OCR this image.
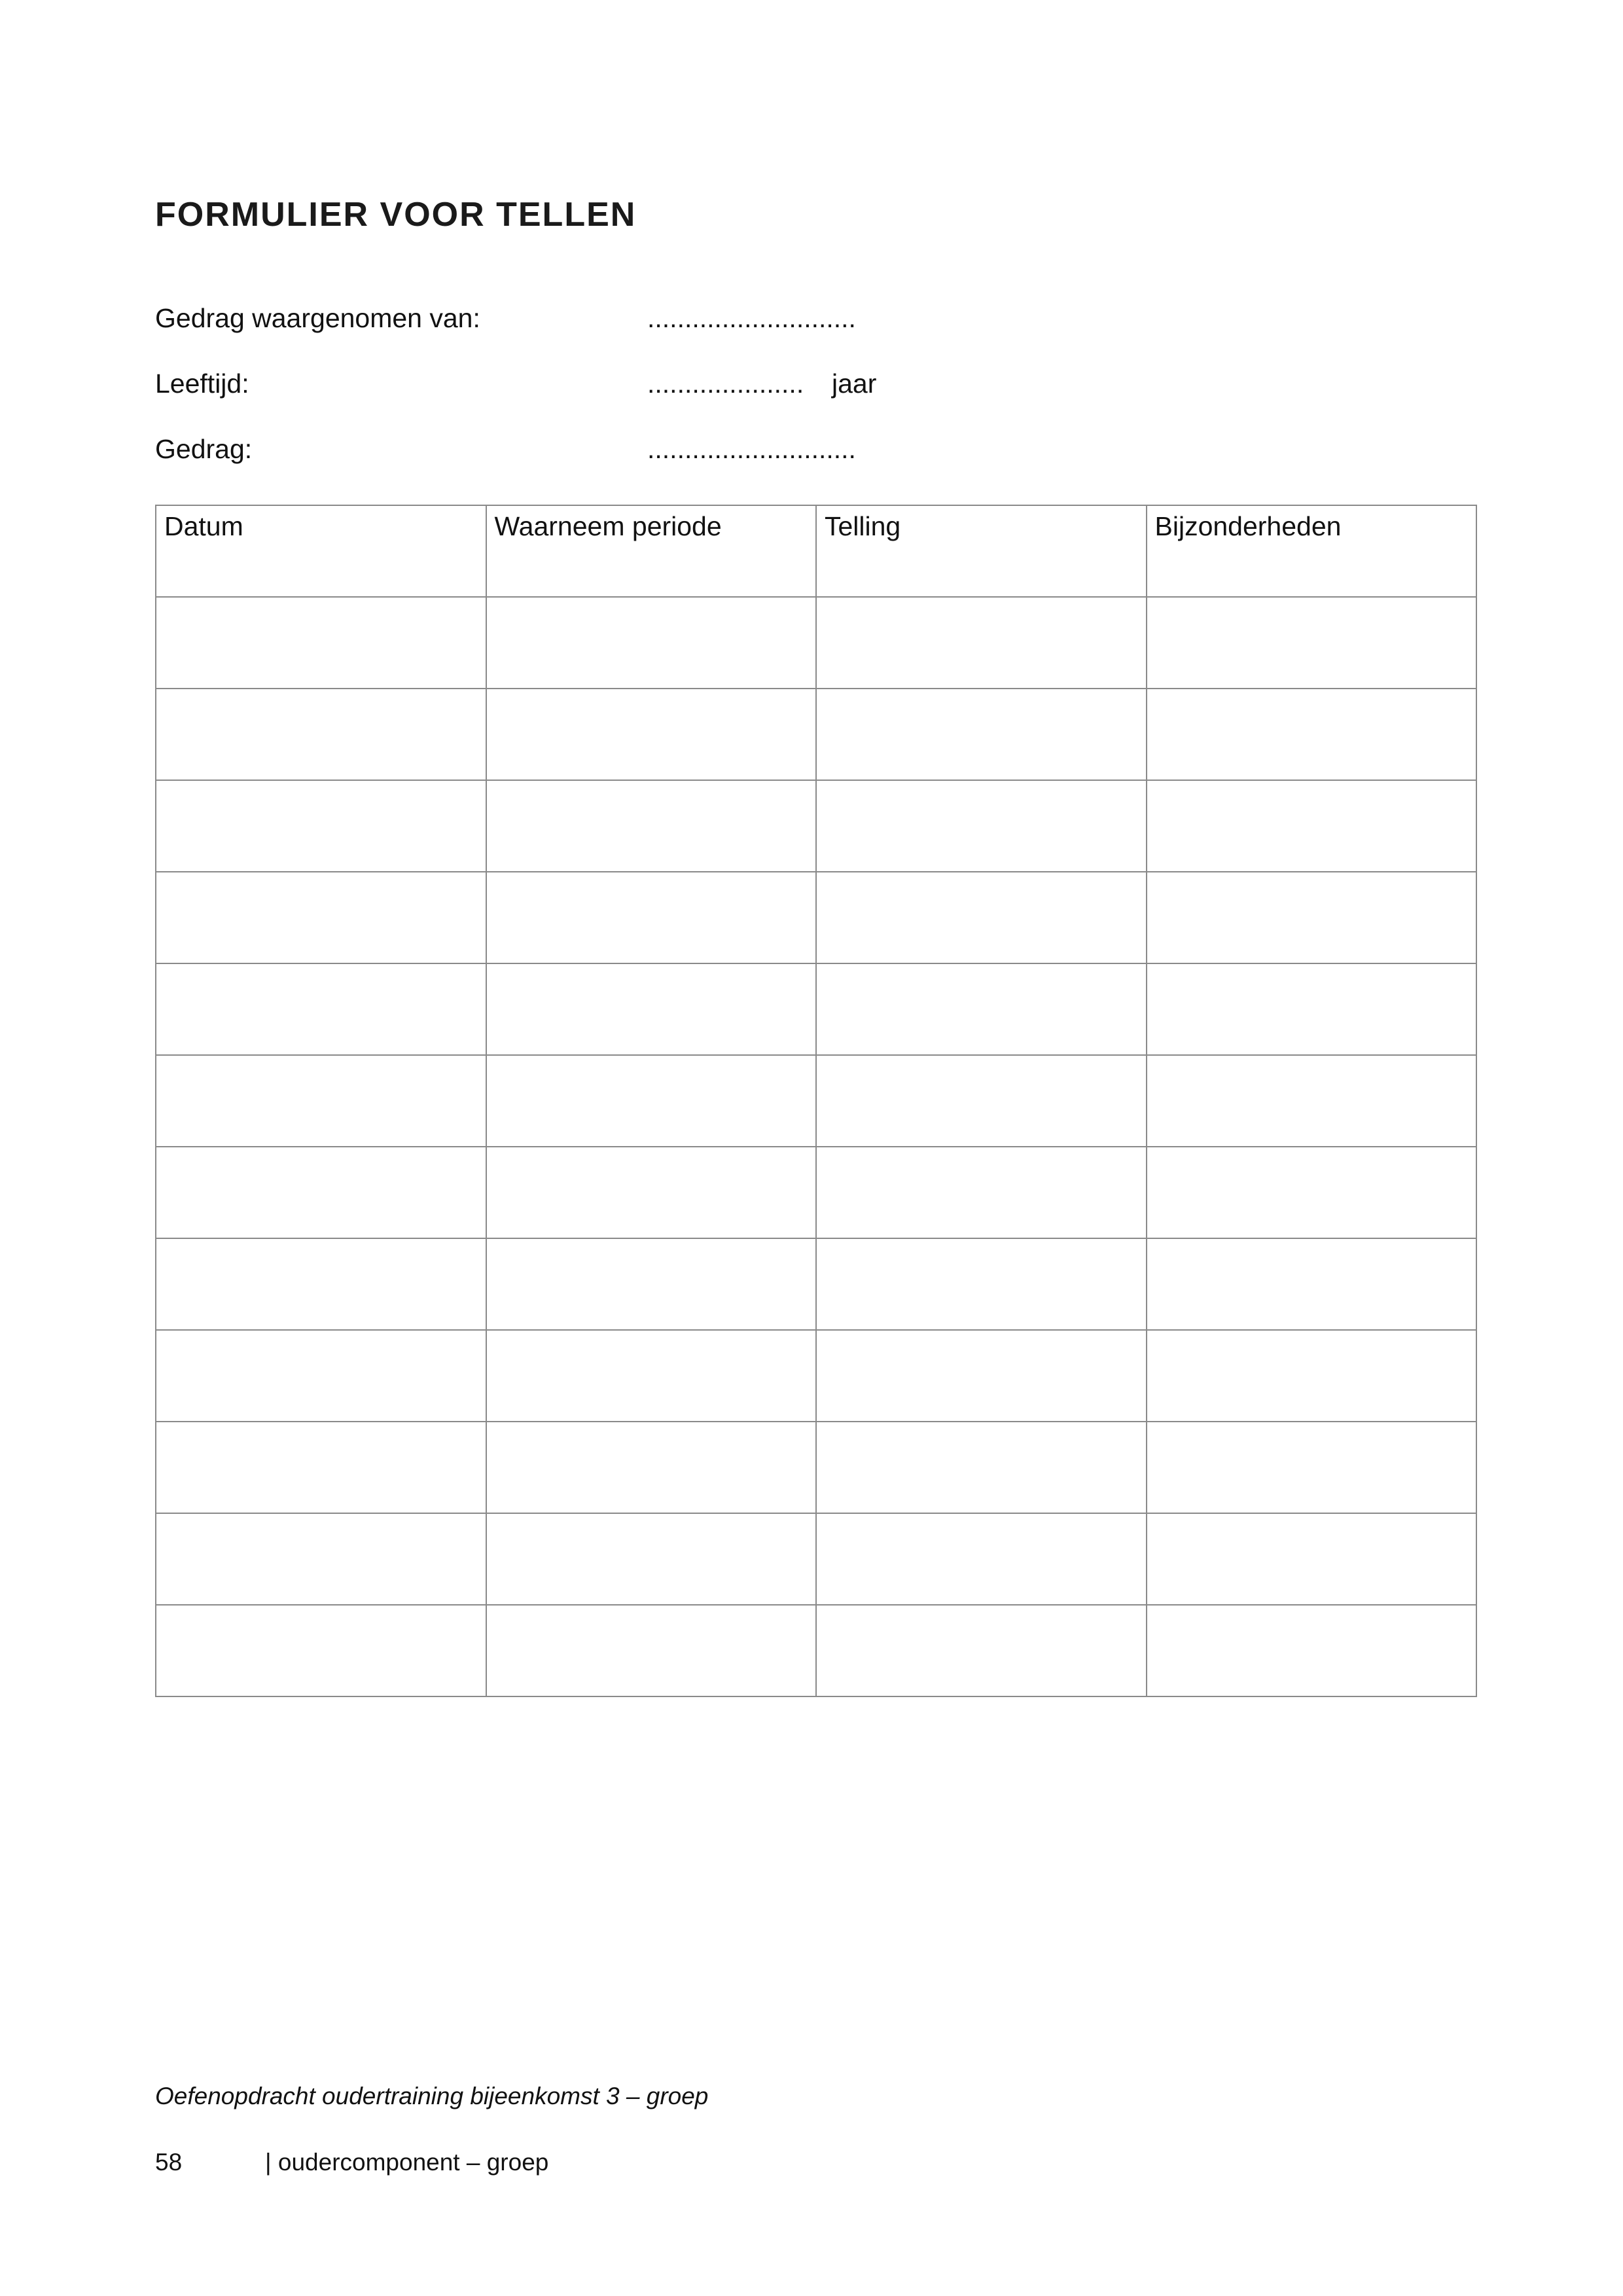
FORMULIER VOOR TELLEN
Gedrag waargenomen van:	............................
Leeftijd:	..................... jaar
Gedrag:	............................
Datum	Waarneem periode	Telling	Bijzonderheden

Oefenopdracht oudertraining bijeenkomst 3 – groep
58	| oudercomponent – groep
